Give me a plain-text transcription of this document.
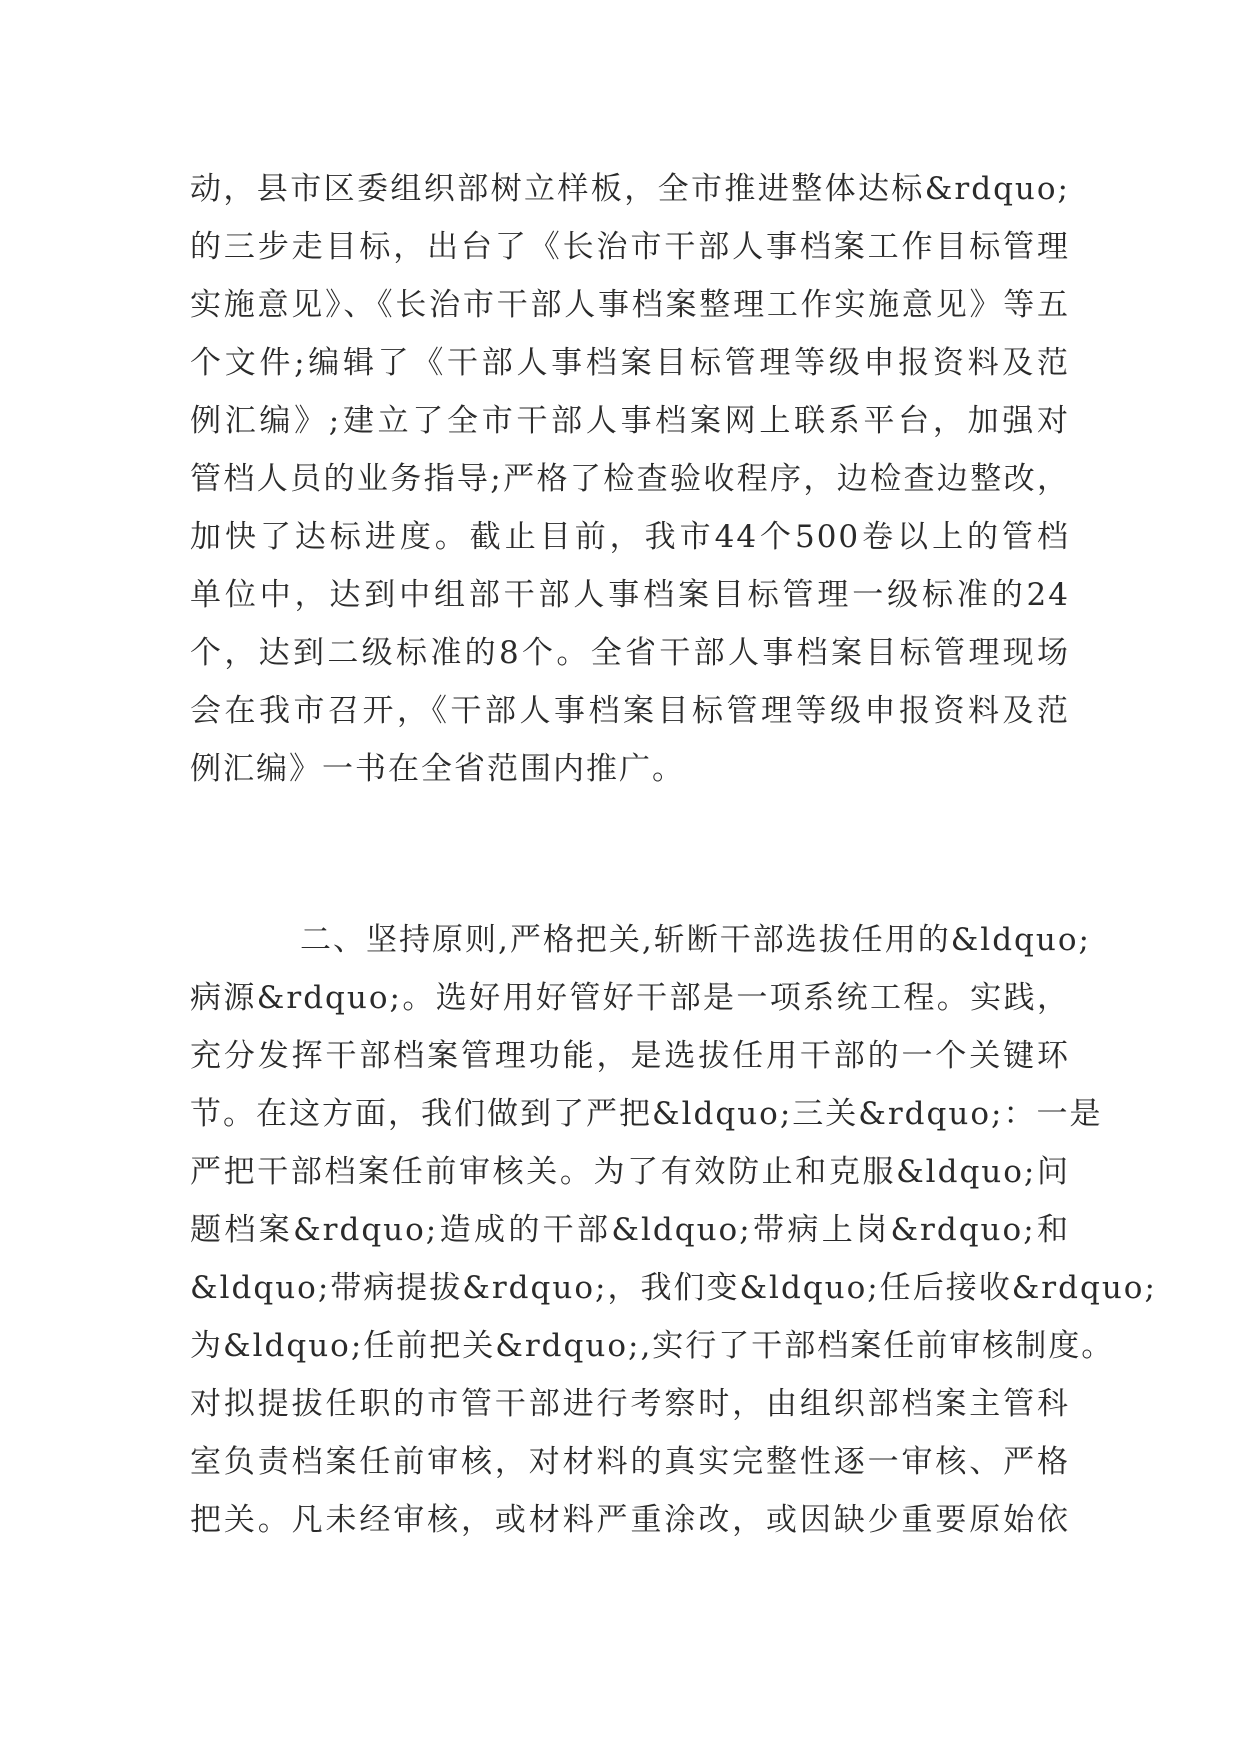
动，县市区委组织部树立样板，全市推进整体达标&rdquo;
的三步走目标，出台了《长治市干部人事档案工作目标管理
实施意见》、《长治市干部人事档案整理工作实施意见》等五
个文件;编辑了《干部人事档案目标管理等级申报资料及范
例汇编》;建立了全市干部人事档案网上联系平台，加强对
管档人员的业务指导;严格了检查验收程序，边检查边整改，
加快了达标进度。截止目前，我市44个500卷以上的管档
单位中，达到中组部干部人事档案目标管理一级标准的24
个，达到二级标准的8个。全省干部人事档案目标管理现场
会在我市召开，《干部人事档案目标管理等级申报资料及范
例汇编》一书在全省范围内推广。
二、坚持原则,严格把关,斩断干部选拔任用的&ldquo;
病源&rdquo;。选好用好管好干部是一项系统工程。实践，
充分发挥干部档案管理功能，是选拔任用干部的一个关键环
节。在这方面，我们做到了严把&ldquo;三关&rdquo;：一是
严把干部档案任前审核关。为了有效防止和克服&ldquo;问
题档案&rdquo;造成的干部&ldquo;带病上岗&rdquo;和
&ldquo;带病提拔&rdquo;，我们变&ldquo;任后接收&rdquo;
为&ldquo;任前把关&rdquo;,实行了干部档案任前审核制度。
对拟提拔任职的市管干部进行考察时，由组织部档案主管科
室负责档案任前审核，对材料的真实完整性逐一审核、严格
把关。凡未经审核，或材料严重涂改，或因缺少重要原始依
